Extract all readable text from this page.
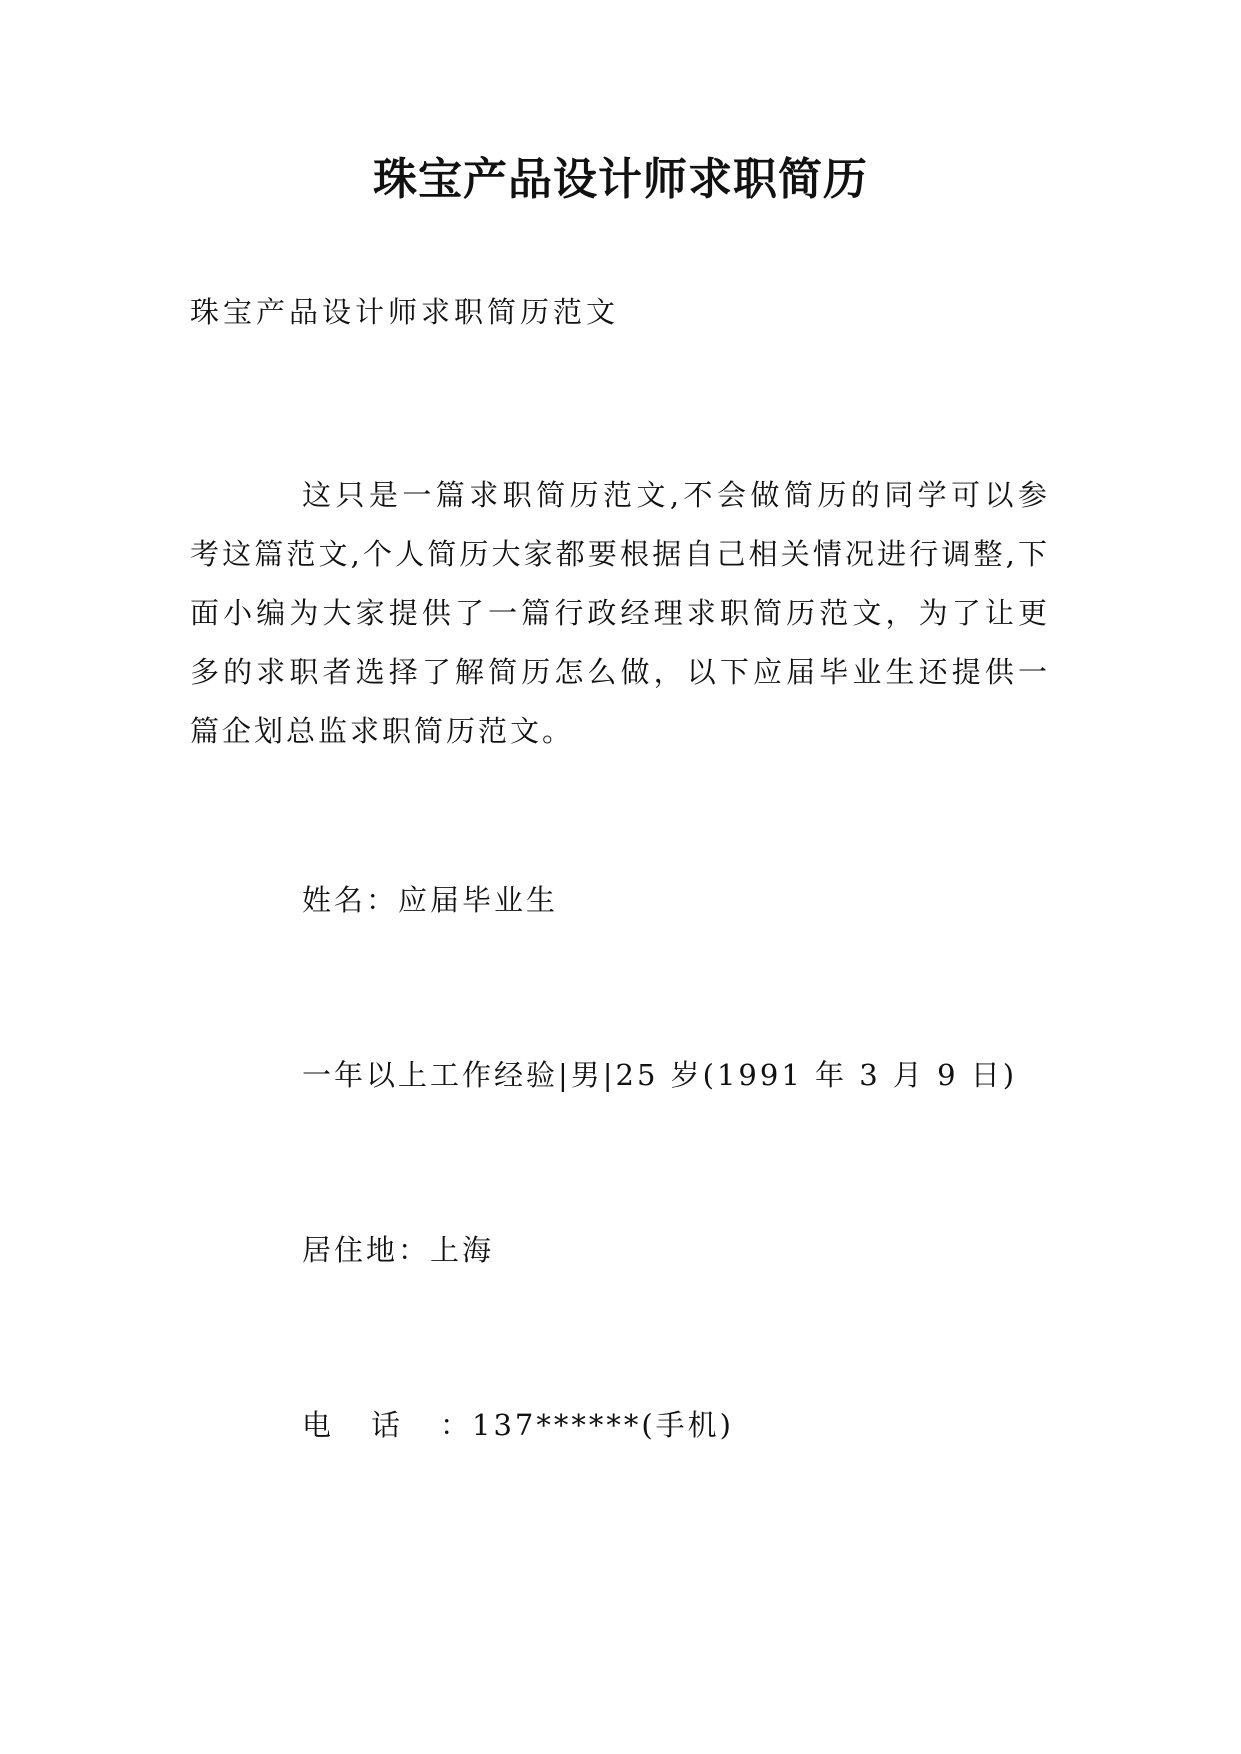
珠宝产品设计师求职简历
珠宝产品设计师求职简历范文

这只是一篇求职简历范文,不会做简历的同学可以参考这篇范文,个人简历大家都要根据自己相关情况进行调整,下面小编为大家提供了一篇行政经理求职简历范文，为了让更多的求职者选择了解简历怎么做，以下应届毕业生还提供一篇企划总监求职简历范文。

姓名：应届毕业生
一年以上工作经验|男|25 岁(1991 年 3 月 9 日)
居住地：上海
电话：137******(手机)
